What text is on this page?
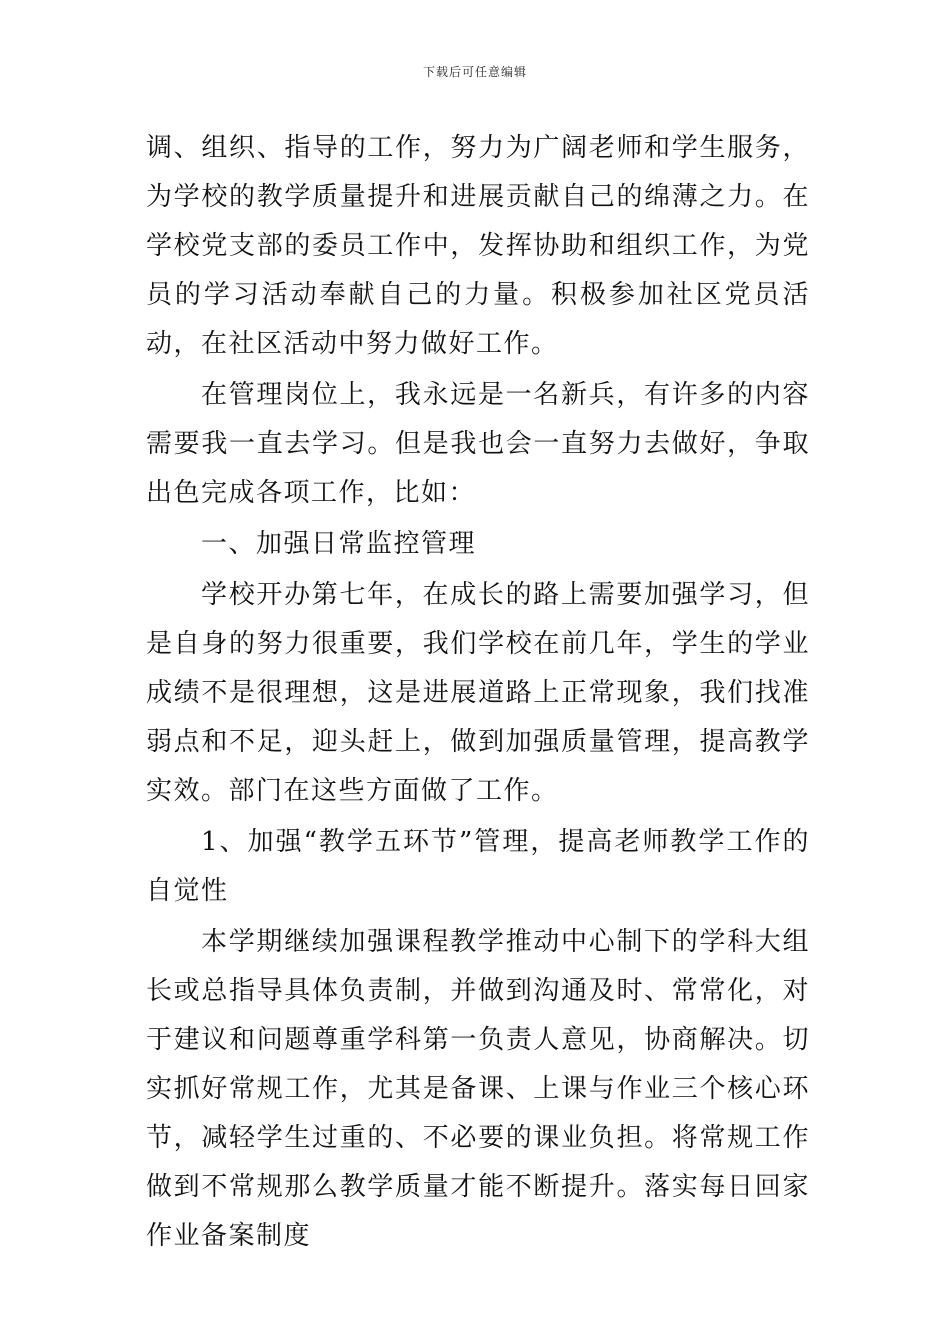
下载后可任意编辑

调、组织、指导的工作，努力为广阔老师和学生服务，为学校的教学质量提升和进展贡献自己的绵薄之力。在学校党支部的委员工作中，发挥协助和组织工作，为党员的学习活动奉献自己的力量。积极参加社区党员活动，在社区活动中努力做好工作。

在管理岗位上，我永远是一名新兵，有许多的内容需要我一直去学习。但是我也会一直努力去做好，争取出色完成各项工作，比如：

一、加强日常监控管理

学校开办第七年，在成长的路上需要加强学习，但是自身的努力很重要，我们学校在前几年，学生的学业成绩不是很理想，这是进展道路上正常现象，我们找准弱点和不足，迎头赶上，做到加强质量管理，提高教学实效。部门在这些方面做了工作。

1、加强“教学五环节”管理，提高老师教学工作的自觉性

本学期继续加强课程教学推动中心制下的学科大组长或总指导具体负责制，并做到沟通及时、常常化，对于建议和问题尊重学科第一负责人意见，协商解决。切实抓好常规工作，尤其是备课、上课与作业三个核心环节，减轻学生过重的、不必要的课业负担。将常规工作做到不常规那么教学质量才能不断提升。落实每日回家作业备案制度
